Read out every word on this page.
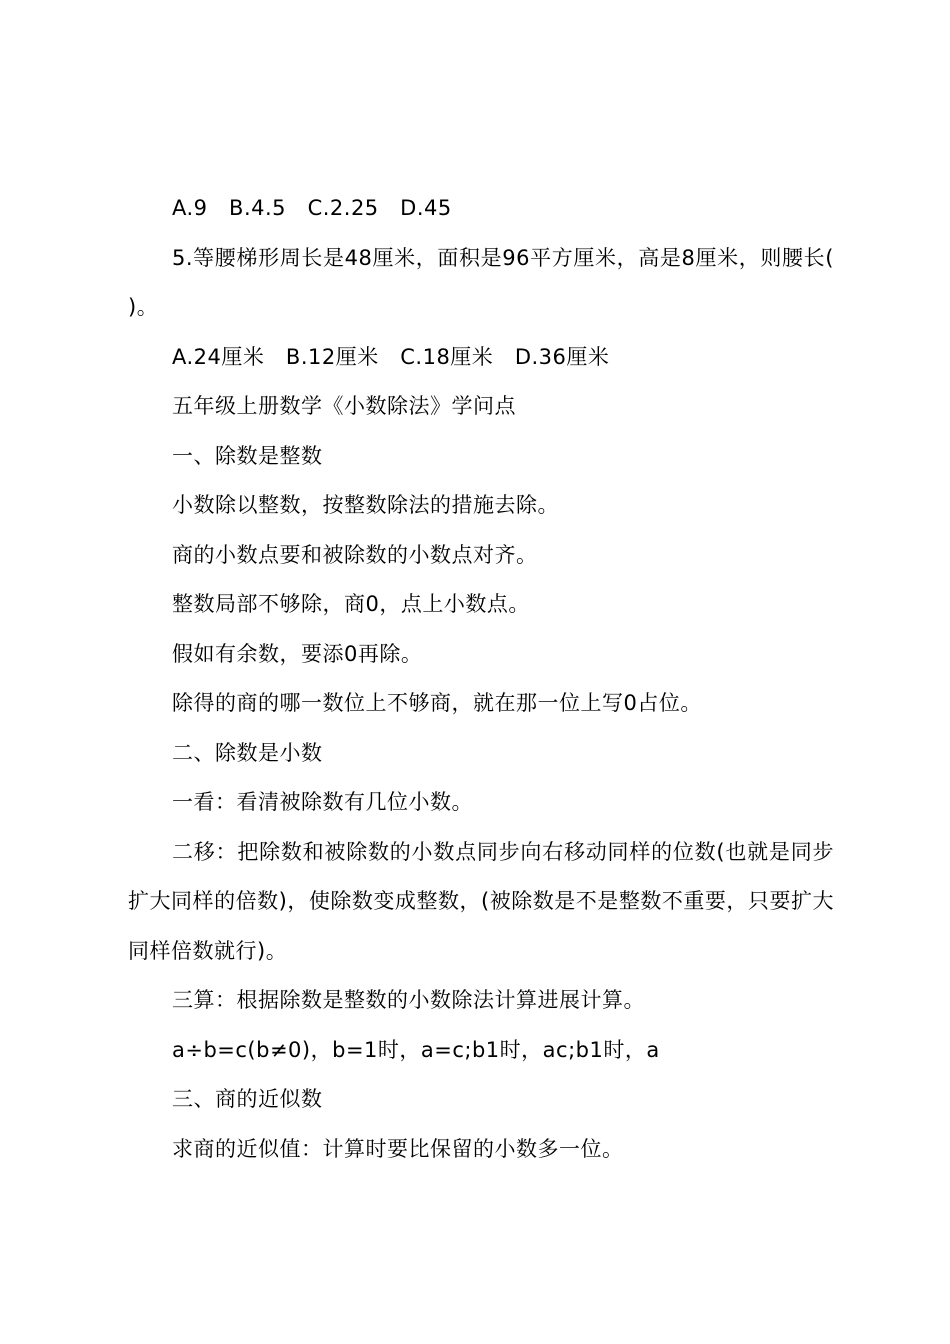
A.9   B.4.5   C.2.25   D.45

5.等腰梯形周长是48厘米，面积是96平方厘米，高是8厘米，则腰长(   )。

A.24厘米   B.12厘米   C.18厘米   D.36厘米

五年级上册数学《小数除法》学问点

一、除数是整数

小数除以整数，按整数除法的措施去除。

商的小数点要和被除数的小数点对齐。

整数局部不够除，商0，点上小数点。

假如有余数，要添0再除。

除得的商的哪一数位上不够商，就在那一位上写0占位。

二、除数是小数

一看：看清被除数有几位小数。

二移：把除数和被除数的小数点同步向右移动同样的位数(也就是同步扩大同样的倍数)，使除数变成整数，(被除数是不是整数不重要，只要扩大同样倍数就行)。

三算：根据除数是整数的小数除法计算进展计算。

a÷b=c(b≠0)，b=1时，a=c;b1时，ac;b1时，a

三、商的近似数

求商的近似值：计算时要比保留的小数多一位。
